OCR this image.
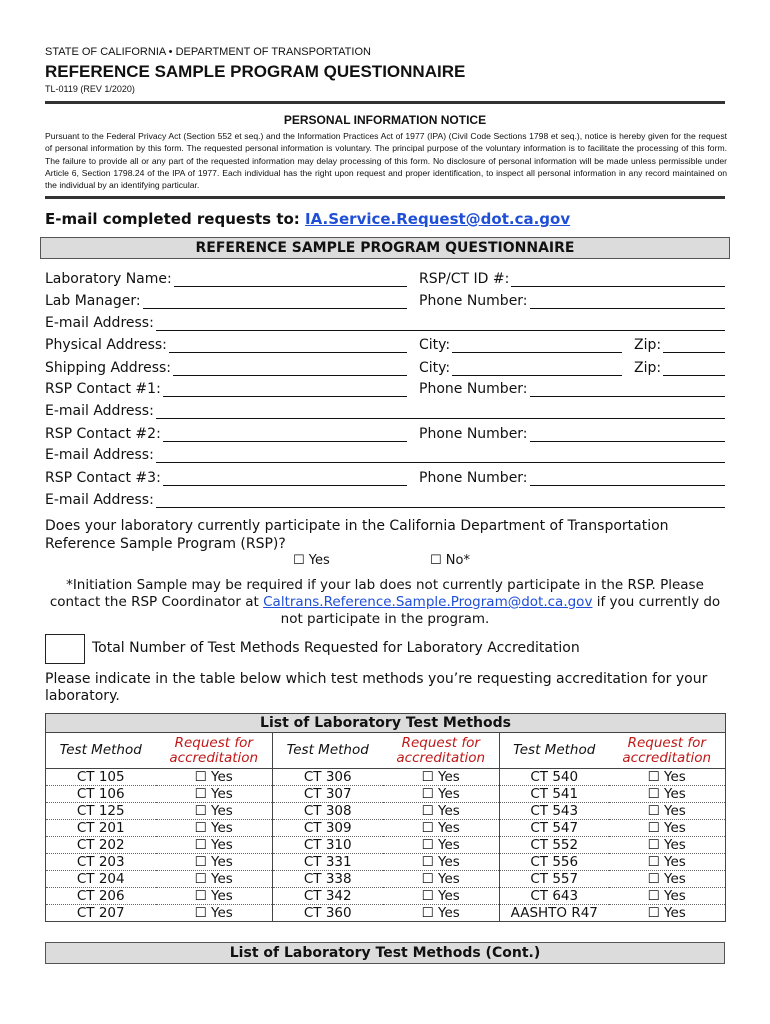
STATE OF CALIFORNIA • DEPARTMENT OF TRANSPORTATION
REFERENCE SAMPLE PROGRAM QUESTIONNAIRE
TL-0119 (REV 1/2020)
PERSONAL INFORMATION NOTICE
Pursuant to the Federal Privacy Act (Section 552 et seq.) and the Information Practices Act of 1977 (IPA) (Civil Code Sections 1798 et seq.), notice is hereby given for the request of personal information by this form. The requested personal information is voluntary. The principal purpose of the voluntary information is to facilitate the processing of this form. The failure to provide all or any part of the requested information may delay processing of this form. No disclosure of personal information will be made unless permissible under Article 6, Section 1798.24 of the IPA of 1977. Each individual has the right upon request and proper identification, to inspect all personal information in any record maintained on the individual by an identifying particular.
E-mail completed requests to: IA.Service.Request@dot.ca.gov
REFERENCE SAMPLE PROGRAM QUESTIONNAIRE
Laboratory Name:	RSP/CT ID #:
Lab Manager:	Phone Number:
E-mail Address:
Physical Address:	City:	Zip:
Shipping Address:	City:	Zip:
RSP Contact #1:	Phone Number:
E-mail Address:
RSP Contact #2:	Phone Number:
E-mail Address:
RSP Contact #3:	Phone Number:
E-mail Address:
Does your laboratory currently participate in the California Department of Transportation Reference Sample Program (RSP)?
☐ Yes	☐ No*
*Initiation Sample may be required if your lab does not currently participate in the RSP. Please contact the RSP Coordinator at Caltrans.Reference.Sample.Program@dot.ca.gov if you currently do not participate in the program.
Total Number of Test Methods Requested for Laboratory Accreditation
Please indicate in the table below which test methods you’re requesting accreditation for your laboratory.
List of Laboratory Test Methods					
Test Method	Request for accreditation	Test Method	Request for accreditation	Test Method	Request for accreditation
CT 105	☐ Yes	CT 306	☐ Yes	CT 540	☐ Yes
CT 106	☐ Yes	CT 307	☐ Yes	CT 541	☐ Yes
CT 125	☐ Yes	CT 308	☐ Yes	CT 543	☐ Yes
CT 201	☐ Yes	CT 309	☐ Yes	CT 547	☐ Yes
CT 202	☐ Yes	CT 310	☐ Yes	CT 552	☐ Yes
CT 203	☐ Yes	CT 331	☐ Yes	CT 556	☐ Yes
CT 204	☐ Yes	CT 338	☐ Yes	CT 557	☐ Yes
CT 206	☐ Yes	CT 342	☐ Yes	CT 643	☐ Yes
CT 207	☐ Yes	CT 360	☐ Yes	AASHTO R47	☐ Yes
List of Laboratory Test Methods (Cont.)
